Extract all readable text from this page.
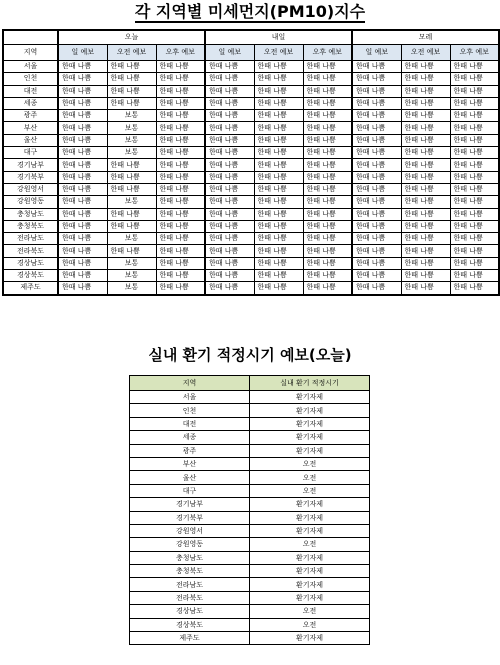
각 지역별 미세먼지(PM10)지수
	오늘			내일			모레		
지역	일 예보	오전 예보	오후 예보	일 예보	오전 예보	오후 예보	일 예보	오전 예보	오후 예보
서울	한때 나쁨	한때 나쁨	한때 나쁨	한때 나쁨	한때 나쁨	한때 나쁨	한때 나쁨	한때 나쁨	한때 나쁨
인천	한때 나쁨	한때 나쁨	한때 나쁨	한때 나쁨	한때 나쁨	한때 나쁨	한때 나쁨	한때 나쁨	한때 나쁨
대전	한때 나쁨	한때 나쁨	한때 나쁨	한때 나쁨	한때 나쁨	한때 나쁨	한때 나쁨	한때 나쁨	한때 나쁨
세종	한때 나쁨	한때 나쁨	한때 나쁨	한때 나쁨	한때 나쁨	한때 나쁨	한때 나쁨	한때 나쁨	한때 나쁨
광주	한때 나쁨	보통	한때 나쁨	한때 나쁨	한때 나쁨	한때 나쁨	한때 나쁨	한때 나쁨	한때 나쁨
부산	한때 나쁨	보통	한때 나쁨	한때 나쁨	한때 나쁨	한때 나쁨	한때 나쁨	한때 나쁨	한때 나쁨
울산	한때 나쁨	보통	한때 나쁨	한때 나쁨	한때 나쁨	한때 나쁨	한때 나쁨	한때 나쁨	한때 나쁨
대구	한때 나쁨	보통	한때 나쁨	한때 나쁨	한때 나쁨	한때 나쁨	한때 나쁨	한때 나쁨	한때 나쁨
경기남부	한때 나쁨	한때 나쁨	한때 나쁨	한때 나쁨	한때 나쁨	한때 나쁨	한때 나쁨	한때 나쁨	한때 나쁨
경기북부	한때 나쁨	한때 나쁨	한때 나쁨	한때 나쁨	한때 나쁨	한때 나쁨	한때 나쁨	한때 나쁨	한때 나쁨
강원영서	한때 나쁨	한때 나쁨	한때 나쁨	한때 나쁨	한때 나쁨	한때 나쁨	한때 나쁨	한때 나쁨	한때 나쁨
강원영동	한때 나쁨	보통	한때 나쁨	한때 나쁨	한때 나쁨	한때 나쁨	한때 나쁨	한때 나쁨	한때 나쁨
충청남도	한때 나쁨	한때 나쁨	한때 나쁨	한때 나쁨	한때 나쁨	한때 나쁨	한때 나쁨	한때 나쁨	한때 나쁨
충청북도	한때 나쁨	한때 나쁨	한때 나쁨	한때 나쁨	한때 나쁨	한때 나쁨	한때 나쁨	한때 나쁨	한때 나쁨
전라남도	한때 나쁨	보통	한때 나쁨	한때 나쁨	한때 나쁨	한때 나쁨	한때 나쁨	한때 나쁨	한때 나쁨
전라북도	한때 나쁨	한때 나쁨	한때 나쁨	한때 나쁨	한때 나쁨	한때 나쁨	한때 나쁨	한때 나쁨	한때 나쁨
경상남도	한때 나쁨	보통	한때 나쁨	한때 나쁨	한때 나쁨	한때 나쁨	한때 나쁨	한때 나쁨	한때 나쁨
경상북도	한때 나쁨	보통	한때 나쁨	한때 나쁨	한때 나쁨	한때 나쁨	한때 나쁨	한때 나쁨	한때 나쁨
제주도	한때 나쁨	보통	한때 나쁨	한때 나쁨	한때 나쁨	한때 나쁨	한때 나쁨	한때 나쁨	한때 나쁨
실내 환기 적정시기 예보(오늘)
지역	실내 환기 적정시기
서울	환기자제
인천	환기자제
대전	환기자제
세종	환기자제
광주	환기자제
부산	오전
울산	오전
대구	오전
경기남부	환기자제
경기북부	환기자제
강원영서	환기자제
강원영동	오전
충청남도	환기자제
충청북도	환기자제
전라남도	환기자제
전라북도	환기자제
경상남도	오전
경상북도	오전
제주도	환기자제
